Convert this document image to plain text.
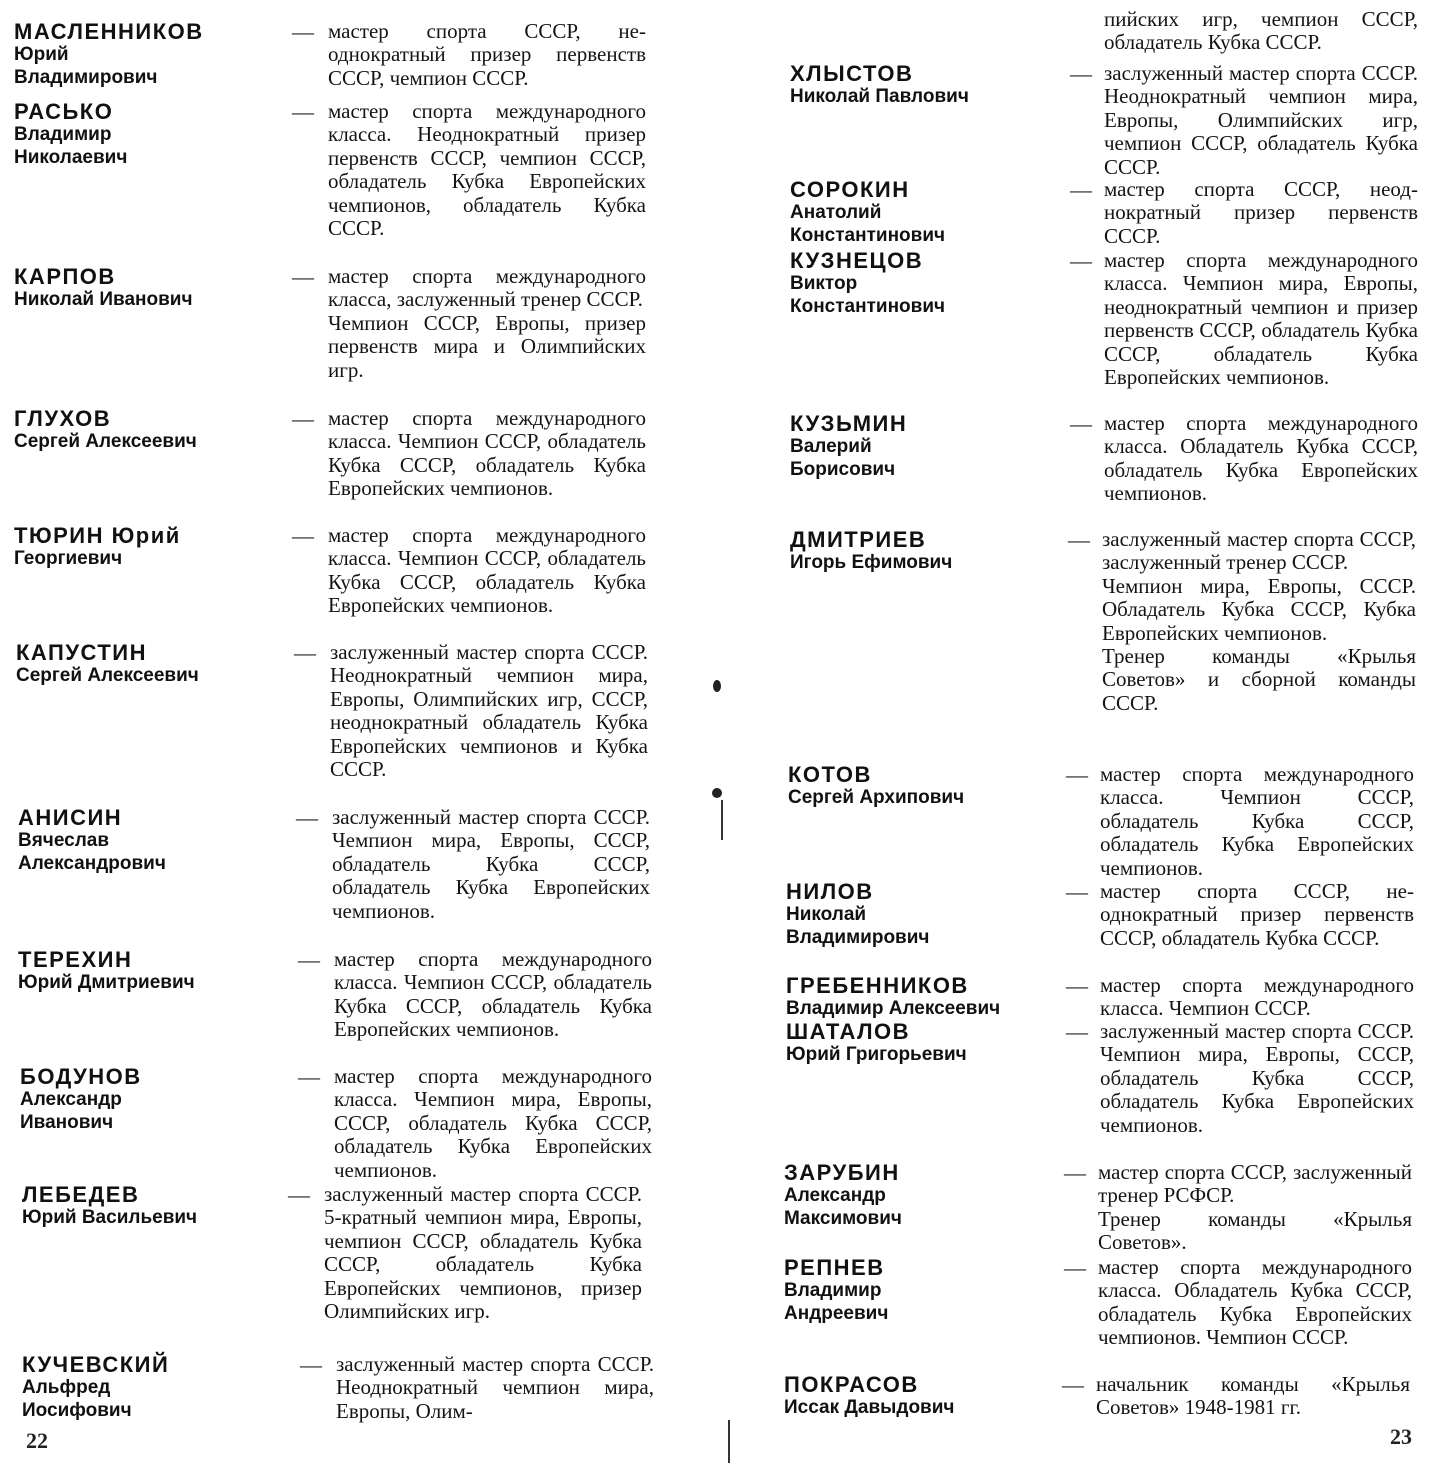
МАСЛЕННИКОВ
Юрий
Владимирович
— мастер спорта СССР, неоднократный призер первенств СССР, чемпион СССР.

РАСЬКО
Владимир
Николаевич
— мастер спорта международного класса. Неоднократный призер первенств СССР, чемпион СССР, обладатель Кубка Европейских чемпионов, обладатель Кубка СССР.

КАРПОВ
Николай Иванович
— мастер спорта международного класса, заслуженный тренер СССР.

Чемпион СССР, Европы, призер первенств мира и Олимпийских игр.

ГЛУХОВ
Сергей Алексеевич
— мастер спорта международного класса. Чемпион СССР, обладатель Кубка СССР, обладатель Кубка Европейских чемпионов.

ТЮРИН Юрий
Георгиевич
— мастер спорта международного класса. Чемпион СССР, обладатель Кубка СССР, обладатель Кубка Европейских чемпионов.

КАПУСТИН
Сергей Алексеевич
— заслуженный мастер спорта СССР. Неоднократный чемпион мира, Европы, Олимпийских игр, СССР, неоднократный обладатель Кубка Европейских чемпионов и Кубка СССР.

АНИСИН
Вячеслав
Александрович
— заслуженный мастер спорта СССР. Чемпион мира, Европы, СССР, обладатель Кубка СССР, обладатель Кубка Европейских чемпионов.

ТЕРЕХИН
Юрий Дмитриевич
— мастер спорта международного класса. Чемпион СССР, обладатель Кубка СССР, обладатель Кубка Европейских чемпионов.

БОДУНОВ
Александр
Иванович
— мастер спорта международного класса. Чемпион мира, Европы, СССР, обладатель Кубка СССР, обладатель Кубка Европейских чемпионов.

ЛЕБЕДЕВ
Юрий Васильевич
— заслуженный мастер спорта СССР. 5-кратный чемпион мира, Европы, чемпион СССР, обладатель Кубка СССР, обладатель Кубка Европейских чемпионов, призер Олимпийских игр.

КУЧЕВСКИЙ
Альфред
Иосифович
— заслуженный мастер спорта СССР. Неоднократный чемпион мира, Европы, Олим-

22
пийских игр, чемпион СССР, обладатель Кубка СССР.
ХЛЫСТОВ
Николай Павлович
— заслуженный мастер спорта СССР. Неоднократный чемпион мира, Европы, Олимпийских игр, чемпион СССР, обладатель Кубка СССР.

СОРОКИН
Анатолий
Константинович
— мастер спорта СССР, неоднократный призер первенств СССР.

КУЗНЕЦОВ
Виктор
Константинович
— мастер спорта международного класса. Чемпион мира, Европы, неоднократный чемпион и призер первенств СССР, обладатель Кубка СССР, обладатель Кубка Европейских чемпионов.

КУЗЬМИН
Валерий
Борисович
— мастер спорта международного класса. Обладатель Кубка СССР, обладатель Кубка Европейских чемпионов.

ДМИТРИЕВ
Игорь Ефимович
— заслуженный мастер спорта СССР, заслуженный тренер СССР.

Чемпион мира, Европы, СССР. Обладатель Кубка СССР, Кубка Европейских чемпионов.

Тренер команды «Крылья Советов» и сборной команды СССР.

КОТОВ
Сергей Архипович
— мастер спорта международного класса. Чемпион СССР, обладатель Кубка СССР, обладатель Кубка Европейских чемпионов.

НИЛОВ
Николай
Владимирович
— мастер спорта СССР, неоднократный призер первенств СССР, обладатель Кубка СССР.

ГРЕБЕННИКОВ
Владимир Алексеевич
— мастер спорта международного класса. Чемпион СССР.

ШАТАЛОВ
Юрий Григорьевич
— заслуженный мастер спорта СССР. Чемпион мира, Европы, СССР, обладатель Кубка СССР, обладатель Кубка Европейских чемпионов.

ЗАРУБИН
Александр
Максимович
— мастер спорта СССР, заслуженный тренер РСФСР.

Тренер команды «Крылья Советов».

РЕПНЕВ
Владимир
Андреевич
— мастер спорта международного класса. Обладатель Кубка СССР, обладатель Кубка Европейских чемпионов. Чемпион СССР.

ПОКРАСОВ
Иссак Давыдович
— начальник команды «Крылья Советов» 1948-1981 гг.

23
